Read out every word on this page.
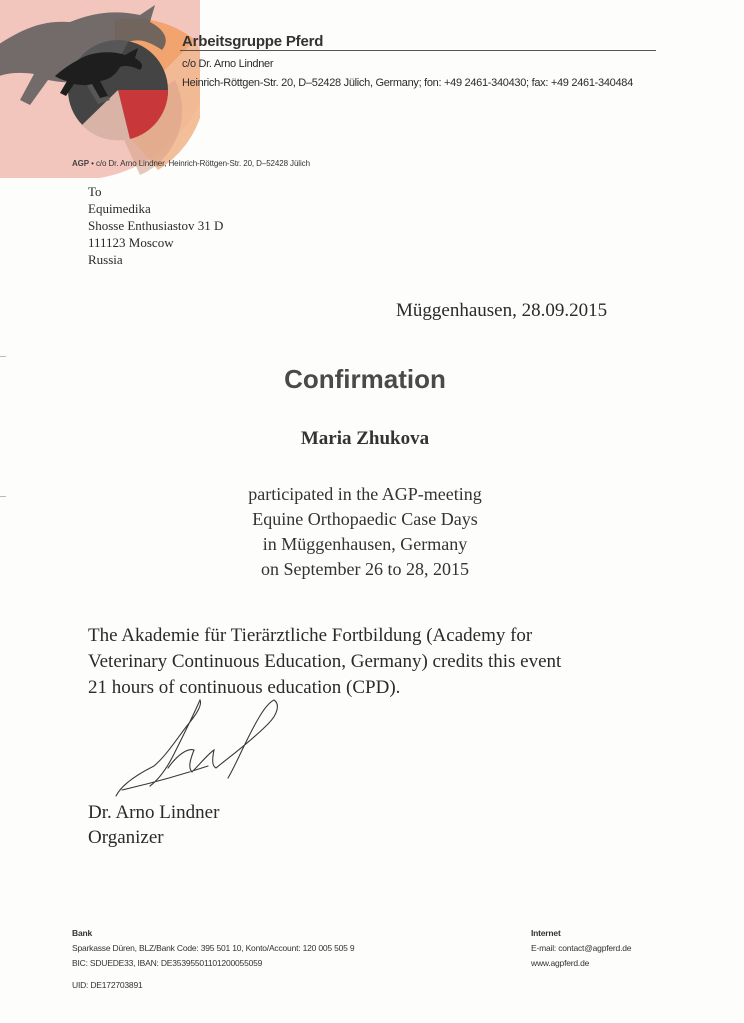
Arbeitsgruppe Pferd
c/o Dr. Arno Lindner
Heinrich-Röttgen-Str. 20, D–52428 Jülich, Germany; fon: +49 2461-340430; fax: +49 2461-340484
AGP • c/o Dr. Arno Lindner, Heinrich-Röttgen-Str. 20, D–52428 Jülich
To
Equimedika
Shosse Enthusiastov 31 D
111123 Moscow
Russia
Müggenhausen, 28.09.2015
Confirmation
Maria Zhukova
participated in the AGP-meeting
Equine Orthopaedic Case Days
in Müggenhausen, Germany
on September 26 to 28, 2015
The Akademie für Tierärztliche Fortbildung (Academy for
Veterinary Continuous Education, Germany) credits this event
21 hours of continuous education (CPD).
Dr. Arno Lindner
Organizer
Bank
Sparkasse Düren, BLZ/Bank Code: 395 501 10, Konto/Account: 120 005 505 9
BIC: SDUEDE33, IBAN: DE35395501101200055059
UID: DE172703891
Internet
E-mail: contact@agpferd.de
www.agpferd.de
